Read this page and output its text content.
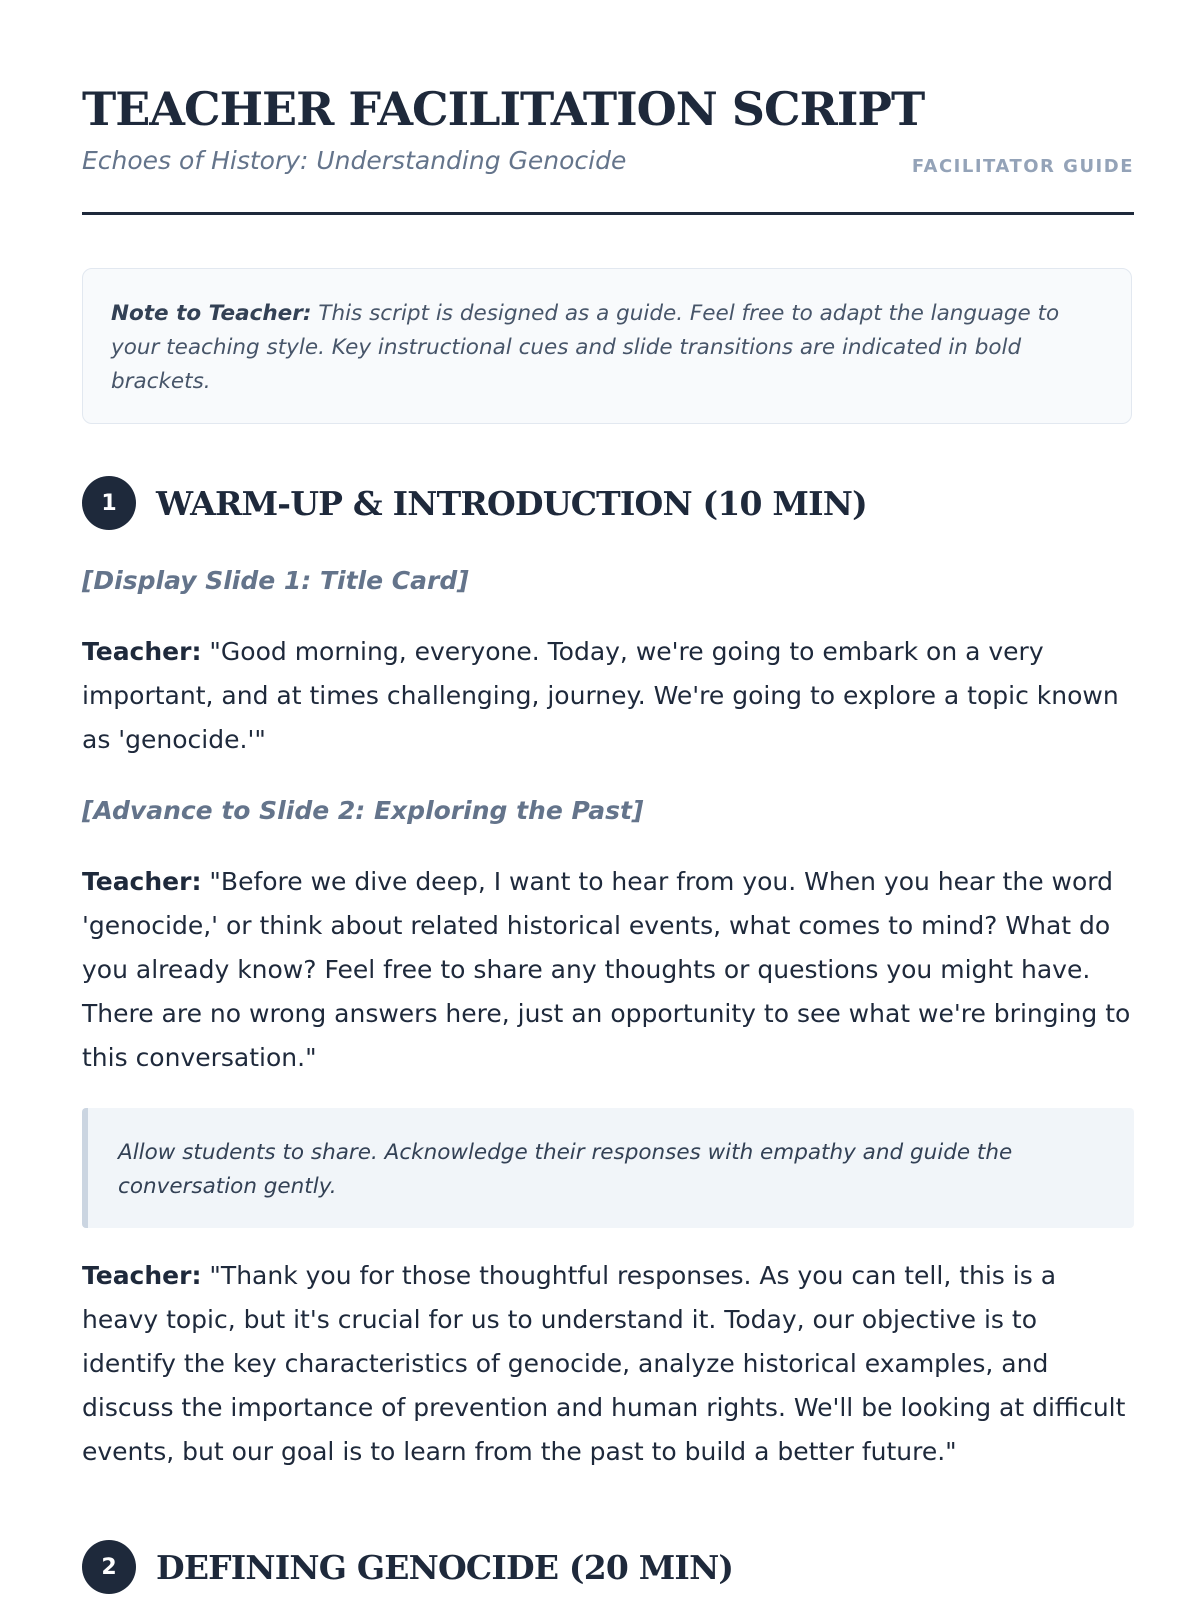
TEACHER FACILITATION SCRIPT
Echoes of History: Understanding Genocide	FACILITATOR GUIDE
Note to Teacher: This script is designed as a guide. Feel free to adapt the language to your teaching style. Key instructional cues and slide transitions are indicated in bold brackets.
1	WARM-UP & INTRODUCTION (10 MIN)
[Display Slide 1: Title Card]

Teacher: "Good morning, everyone. Today, we're going to embark on a very important, and at times challenging, journey. We're going to explore a topic known as 'genocide.'"

[Advance to Slide 2: Exploring the Past]

Teacher: "Before we dive deep, I want to hear from you. When you hear the word 'genocide,' or think about related historical events, what comes to mind? What do you already know? Feel free to share any thoughts or questions you might have. There are no wrong answers here, just an opportunity to see what we're bringing to this conversation."

Allow students to share. Acknowledge their responses with empathy and guide the conversation gently.

Teacher: "Thank you for those thoughtful responses. As you can tell, this is a heavy topic, but it's crucial for us to understand it. Today, our objective is to identify the key characteristics of genocide, analyze historical examples, and discuss the importance of prevention and human rights. We'll be looking at difficult events, but our goal is to learn from the past to build a better future."

2	DEFINING GENOCIDE (20 MIN)
